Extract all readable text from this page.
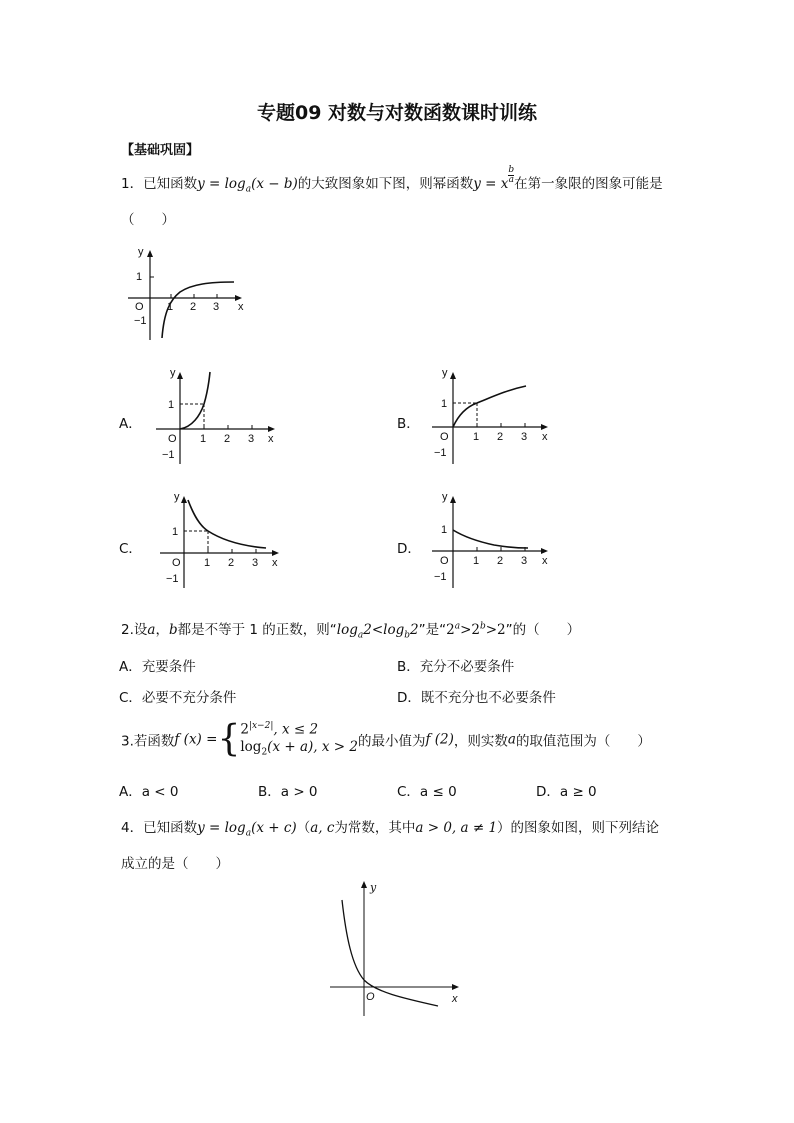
专题09 对数与对数函数课时训练
【基础巩固】
1．已知函数$y = \log_a(x - b)$的大致图象如下图，则幂函数y = x $\frac{b}{a}$ 在第一象限的图象可能是
（　　）
y
1
O 1 2 3 x
−1
A．
y
1
O 1 2 3 x
−1
B．
y
1
O 1 2 3 x
−1
C．
y
1
O 1 2 3 x
−1
D．
y
1
O 1 2 3 x
−1
2.设a，b都是不等于 1 的正数，则“$\log_a2<\log_b2$”是“$2^a>2^b>2$”的（　　）
A．充要条件	B．充分不必要条件
C．必要不充分条件	D．既不充分也不必要条件
3.若函数f (x) ={ $2^{|x-2|}$, x ≤ 2
$\log_2(x + a)$, x > 2 的最小值为f (2)，则实数a的取值范围为（　　）
A．a < 0	B．a > 0	C．a ≤ 0	D．a ≥ 0
4．已知函数$y = \log_a(x + c)(a$, c为常数，其中a > 0, a ≠ 1）的图象如图，则下列结论
成立的是（　　）
y
O	x
